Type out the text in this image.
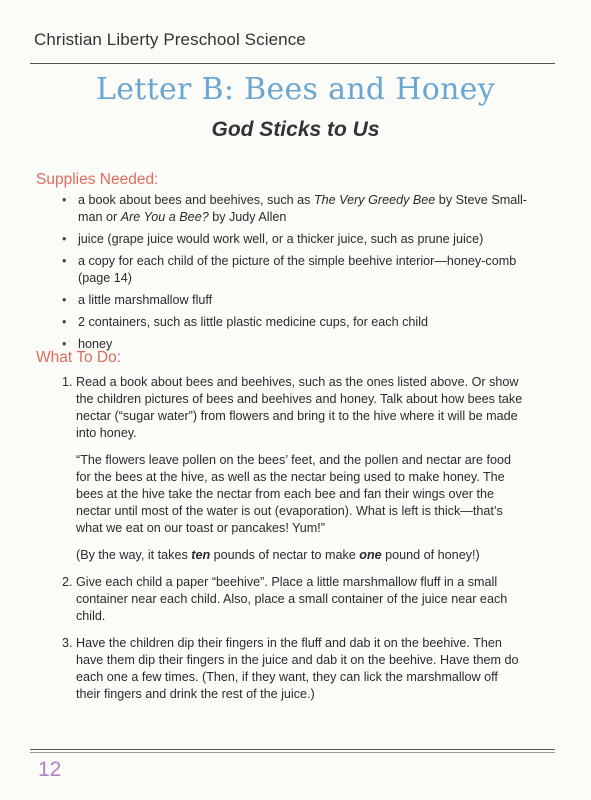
Christian Liberty Preschool Science
Letter B: Bees and Honey
God Sticks to Us
Supplies Needed:
• a book about bees and beehives, such as The Very Greedy Bee by Steve Small-man or Are You a Bee? by Judy Allen
• juice (grape juice would work well, or a thicker juice, such as prune juice)
• a copy for each child of the picture of the simple beehive interior—honey-comb (page 14)
• a little marshmallow fluff
• 2 containers, such as little plastic medicine cups, for each child
• honey
What To Do:
1. Read a book about bees and beehives, such as the ones listed above. Or show the children pictures of bees and beehives and honey. Talk about how bees take nectar (“sugar water”) from flowers and bring it to the hive where it will be made into honey.

“The flowers leave pollen on the bees’ feet, and the pollen and nectar are food for the bees at the hive, as well as the nectar being used to make honey. The bees at the hive take the nectar from each bee and fan their wings over the nectar until most of the water is out (evaporation). What is left is thick—that’s what we eat on our toast or pancakes! Yum!”

(By the way, it takes ten pounds of nectar to make one pound of honey!)

2. Give each child a paper “beehive”. Place a little marshmallow fluff in a small container near each child. Also, place a small container of the juice near each child.

3. Have the children dip their fingers in the fluff and dab it on the beehive. Then have them dip their fingers in the juice and dab it on the beehive. Have them do each one a few times. (Then, if they want, they can lick the marshmallow off their fingers and drink the rest of the juice.)

12
